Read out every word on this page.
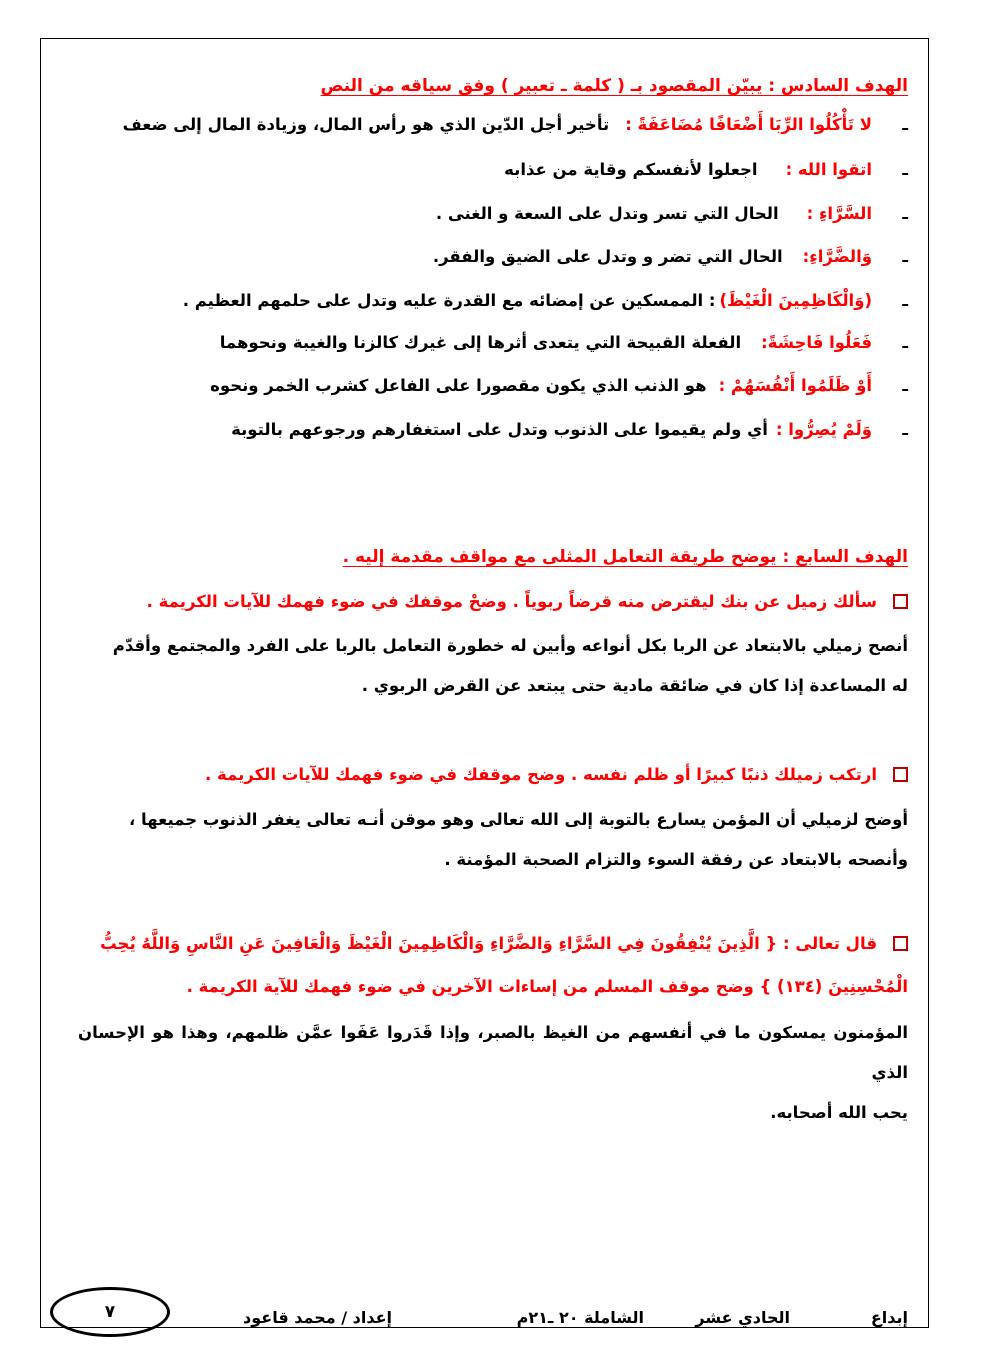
الهدف السادس : يبيّن المقصود بـ ( كلمة ـ تعبير ) وفق سياقه من النص
ـ
لا تَأْكُلُوا الرِّبَا أَضْعَافًا مُضَاعَفَةً :
تأخير أجل الدّين الذي هو رأس المال، وزيادة المال إلى ضعف
ـ
اتقوا الله :
اجعلوا لأنفسكم وقاية من عذابه
ـ
السَّرَّاءِ :
الحال التي تسر وتدل على السعة و الغنى .
ـ
وَالضَّرَّاءِ:
الحال التي تضر و وتدل على الضيق والفقر.
ـ
(وَالْكَاظِمِينَ الْغَيْظَ)
: الممسكين عن إمضائه مع القدرة عليه وتدل على حلمهم العظيم .
ـ
فَعَلُوا فَاحِشَةً:
الفعلة القبيحة التي يتعدى أثرها إلى غيرك كالزنا والغيبة ونحوهما
ـ
أَوْ ظَلَمُوا أَنْفُسَهُمْ :
هو الذنب الذي يكون مقصورا على الفاعل كشرب الخمر ونحوه
ـ
وَلَمْ يُصِرُّوا :
أي ولم يقيموا على الذنوب وتدل على استغفارهم ورجوعهم بالتوبة
الهدف السابع : يوضح طريقة التعامل المثلى مع مواقف مقدمة إليه .
سألك زميل عن بنك ليقترض منه قرضاً ربوياً . وضحْ موقفك في ضوء فهمك للآيات الكريمة .
أنصح زميلي بالابتعاد عن الربا بكل أنواعه وأبين له خطورة التعامل بالربا على الفرد والمجتمع وأقدّم
له المساعدة إذا كان في ضائقة مادية حتى يبتعد عن القرض الربوي .
ارتكب زميلك ذنبًا كبيرًا أو ظلم نفسه . وضح موقفك في ضوء فهمك للآيات الكريمة .
أوضح لزميلي أن المؤمن يسارع بالتوبة إلى الله تعالى وهو موقن أنـه تعالى يغفر الذنوب جميعها ،
وأنصحه بالابتعاد عن رفقة السوء والتزام الصحبة المؤمنة .
قال تعالى : { الَّذِينَ يُنْفِقُونَ فِي السَّرَّاءِ وَالضَّرَّاءِ وَالْكَاظِمِينَ الْغَيْظَ وَالْعَافِينَ عَنِ النَّاسِ وَاللَّهُ يُحِبُّ
الْمُحْسِنِينَ (١٣٤) } وضح موقف المسلم من إساءات الآخرين في ضوء فهمك للآية الكريمة .
المؤمنون يمسكون ما في أنفسهم من الغيظ بالصبر، وإذا قَدَروا عَفَوا عمَّن ظلمهم، وهذا هو الإحسان الذي
يحب الله أصحابه.
إبداع
الحادي عشر
الشاملة ٢٠ ـ٢١م
إعداد / محمد قاعود
٧
